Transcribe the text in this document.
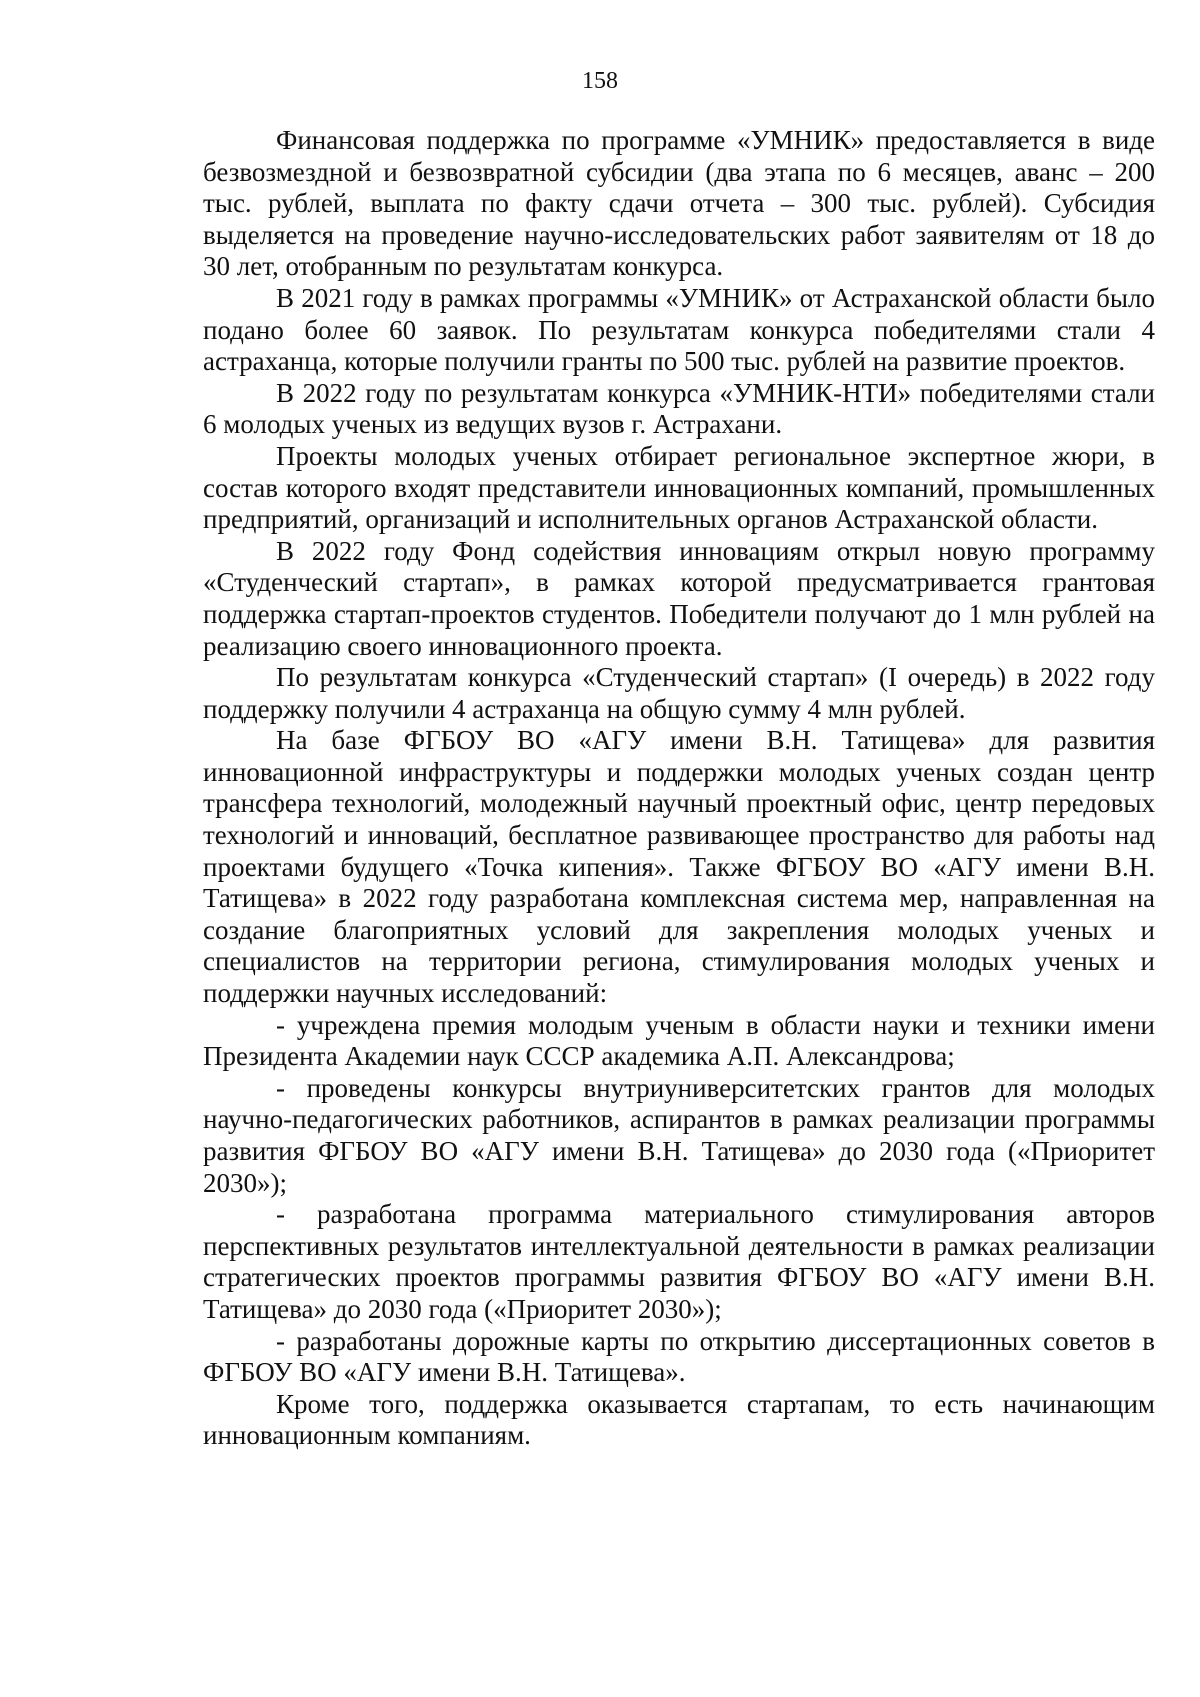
158

Финансовая поддержка по программе «УМНИК» предоставляется в виде безвозмездной и безвозвратной субсидии (два этапа по 6 месяцев, аванс – 200 тыс. рублей, выплата по факту сдачи отчета – 300 тыс. рублей). Субсидия выделяется на проведение научно-исследовательских работ заявителям от 18 до 30 лет, отобранным по результатам конкурса.

В 2021 году в рамках программы «УМНИК» от Астраханской области было подано более 60 заявок. По результатам конкурса победителями стали 4 астраханца, которые получили гранты по 500 тыс. рублей на развитие проектов.

В 2022 году по результатам конкурса «УМНИК-НТИ» победителями стали 6 молодых ученых из ведущих вузов г. Астрахани.

Проекты молодых ученых отбирает региональное экспертное жюри, в состав которого входят представители инновационных компаний, промышленных предприятий, организаций и исполнительных органов Астраханской области.

В 2022 году Фонд содействия инновациям открыл новую программу «Студенческий стартап», в рамках которой предусматривается грантовая поддержка стартап-проектов студентов. Победители получают до 1 млн рублей на реализацию своего инновационного проекта.

По результатам конкурса «Студенческий стартап» (I очередь) в 2022 году поддержку получили 4 астраханца на общую сумму 4 млн рублей.

На базе ФГБОУ ВО «АГУ имени В.Н. Татищева» для развития инновационной инфраструктуры и поддержки молодых ученых создан центр трансфера технологий, молодежный научный проектный офис, центр передовых технологий и инноваций, бесплатное развивающее пространство для работы над проектами будущего «Точка кипения». Также ФГБОУ ВО «АГУ имени В.Н. Татищева» в 2022 году разработана комплексная система мер, направленная на создание благоприятных условий для закрепления молодых ученых и специалистов на территории региона, стимулирования молодых ученых и поддержки научных исследований:

- учреждена премия молодым ученым в области науки и техники имени Президента Академии наук СССР академика А.П. Александрова;

- проведены конкурсы внутриуниверситетских грантов для молодых научно-педагогических работников, аспирантов в рамках реализации программы развития ФГБОУ ВО «АГУ имени В.Н. Татищева» до 2030 года («Приоритет 2030»);

- разработана программа материального стимулирования авторов перспективных результатов интеллектуальной деятельности в рамках реализации стратегических проектов программы развития ФГБОУ ВО «АГУ имени В.Н. Татищева» до 2030 года («Приоритет 2030»);

- разработаны дорожные карты по открытию диссертационных советов в ФГБОУ ВО «АГУ имени В.Н. Татищева».

Кроме того, поддержка оказывается стартапам, то есть начинающим инновационным компаниям.
